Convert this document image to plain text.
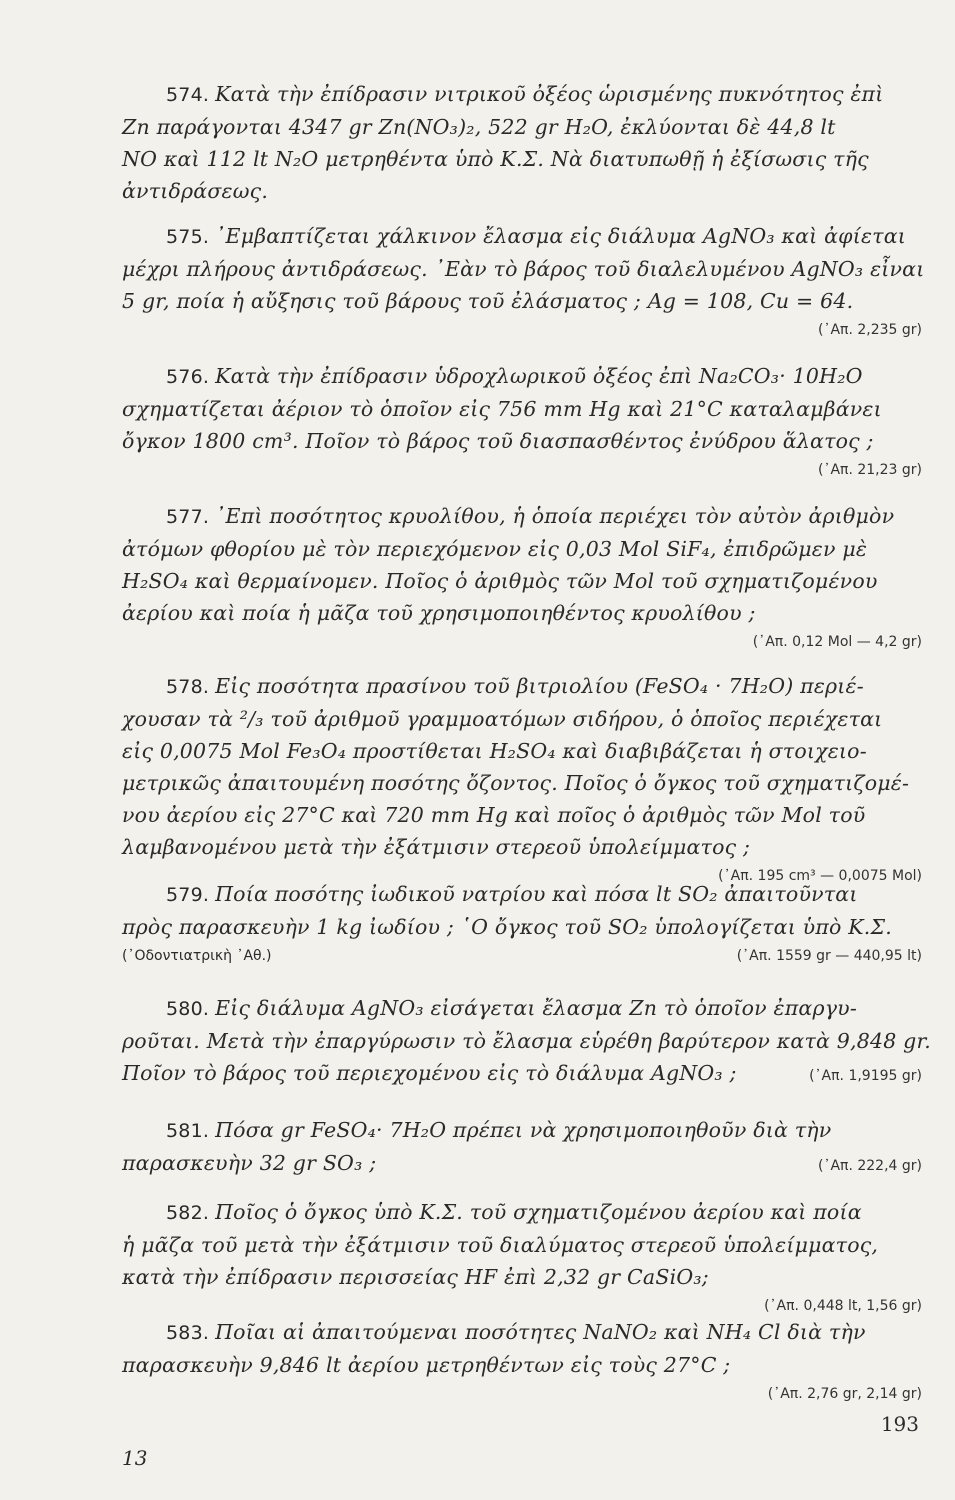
574. Κατὰ τὴν ἐπίδρασιν νιτρικοῦ ὀξέος ὡρισμένης πυκνότητος ἐπὶ
Zn παράγονται 4347 gr Zn(NO₃)₂, 522 gr H₂O, ἐκλύονται δὲ 44,8 lt
NO καὶ 112 lt N₂O μετρηθέντα ὑπὸ Κ.Σ. Νὰ διατυπωθῇ ἡ ἐξίσωσις τῆς
ἀντιδράσεως.
575. ᾿Εμβαπτίζεται χάλκινον ἔλασμα εἰς διάλυμα AgNO₃ καὶ ἀφίεται
μέχρι πλήρους ἀντιδράσεως. ᾿Εὰν τὸ βάρος τοῦ διαλελυμένου AgNO₃ εἶναι
5 gr, ποία ἡ αὔξησις τοῦ βάρους τοῦ ἐλάσματος ; Ag = 108, Cu = 64.
(᾿Απ. 2,235 gr)
576. Κατὰ τὴν ἐπίδρασιν ὑδροχλωρικοῦ ὀξέος ἐπὶ Na₂CO₃· 10H₂O
σχηματίζεται ἀέριον τὸ ὁποῖον εἰς 756 mm Hg καὶ 21°C καταλαμβάνει
ὄγκον 1800 cm³. Ποῖον τὸ βάρος τοῦ διασπασθέντος ἐνύδρου ἅλατος ;
(᾿Απ. 21,23 gr)
577. ᾿Επὶ ποσότητος κρυολίθου, ἡ ὁποία περιέχει τὸν αὐτὸν ἀριθμὸν
ἀτόμων φθορίου μὲ τὸν περιεχόμενον εἰς 0,03 Mol SiF₄, ἐπιδρῶμεν μὲ
H₂SO₄ καὶ θερμαίνομεν. Ποῖος ὁ ἀριθμὸς τῶν Mol τοῦ σχηματιζομένου
ἀερίου καὶ ποία ἡ μᾶζα τοῦ χρησιμοποιηθέντος κρυολίθου ;
(᾿Απ. 0,12 Mol — 4,2 gr)
578. Εἰς ποσότητα πρασίνου τοῦ βιτριολίου (FeSO₄ · 7H₂O) περιέ-
χουσαν τὰ ²/₃ τοῦ ἀριθμοῦ γραμμοατόμων σιδήρου, ὁ ὁποῖος περιέχεται
εἰς 0,0075 Mol Fe₃O₄ προστίθεται H₂SO₄ καὶ διαβιβάζεται ἡ στοιχειο-
μετρικῶς ἀπαιτουμένη ποσότης ὄζοντος. Ποῖος ὁ ὄγκος τοῦ σχηματιζομέ-
νου ἀερίου εἰς 27°C καὶ 720 mm Hg καὶ ποῖος ὁ ἀριθμὸς τῶν Mol τοῦ
λαμβανομένου μετὰ τὴν ἐξάτμισιν στερεοῦ ὑπολείμματος ;
(᾿Απ. 195 cm³ — 0,0075 Mol)
579. Ποία ποσότης ἰωδικοῦ νατρίου καὶ πόσα lt SO₂ ἀπαιτοῦνται
πρὸς παρασκευὴν 1 kg ἰωδίου ; ῾Ο ὄγκος τοῦ SO₂ ὑπολογίζεται ὑπὸ Κ.Σ.
(᾿Οδοντιατρικὴ ᾿Αθ.)	(᾿Απ. 1559 gr — 440,95 lt)
580. Εἰς διάλυμα AgNO₃ εἰσάγεται ἔλασμα Zn τὸ ὁποῖον ἐπαργυ-
ροῦται. Μετὰ τὴν ἐπαργύρωσιν τὸ ἔλασμα εὑρέθη βαρύτερον κατὰ 9,848 gr.
Ποῖον τὸ βάρος τοῦ περιεχομένου εἰς τὸ διάλυμα AgNO₃ ;	(᾿Απ. 1,9195 gr)
581. Πόσα gr FeSO₄· 7H₂O πρέπει νὰ χρησιμοποιηθοῦν διὰ τὴν
παρασκευὴν 32 gr SO₃ ;	(᾿Απ. 222,4 gr)
582. Ποῖος ὁ ὄγκος ὑπὸ Κ.Σ. τοῦ σχηματιζομένου ἀερίου καὶ ποία
ἡ μᾶζα τοῦ μετὰ τὴν ἐξάτμισιν τοῦ διαλύματος στερεοῦ ὑπολείμματος,
κατὰ τὴν ἐπίδρασιν περισσείας HF ἐπὶ 2,32 gr CaSiO₃;
(᾿Απ. 0,448 lt, 1,56 gr)
583. Ποῖαι αἱ ἀπαιτούμεναι ποσότητες NaNO₂ καὶ NH₄ Cl διὰ τὴν
παρασκευὴν 9,846 lt ἀερίου μετρηθέντων εἰς τοὺς 27°C ;
(᾿Απ. 2,76 gr, 2,14 gr)
193
13
